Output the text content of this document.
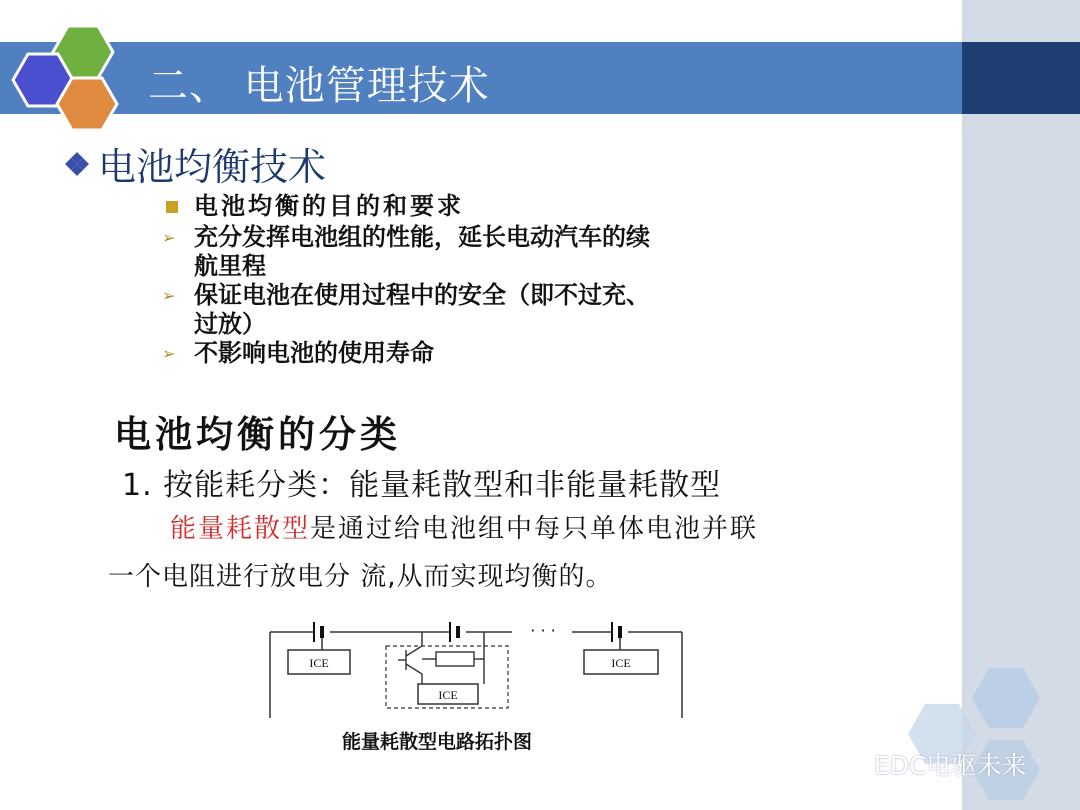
二、 电池管理技术
电池均衡技术
电池均衡的目的和要求
➢ 充分发挥电池组的性能，延长电动汽车的续
航里程
➢ 保证电池在使用过程中的安全（即不过充、
过放）
➢ 不影响电池的使用寿命
电池均衡的分类
1. 按能耗分类：能量耗散型和非能量耗散型
能量耗散型是通过给电池组中每只单体电池并联
一个电阻进行放电分 流,从而实现均衡的。
ICE
ICE
ICE
· · ·
能量耗散型电路拓扑图
EDC电驱未来
